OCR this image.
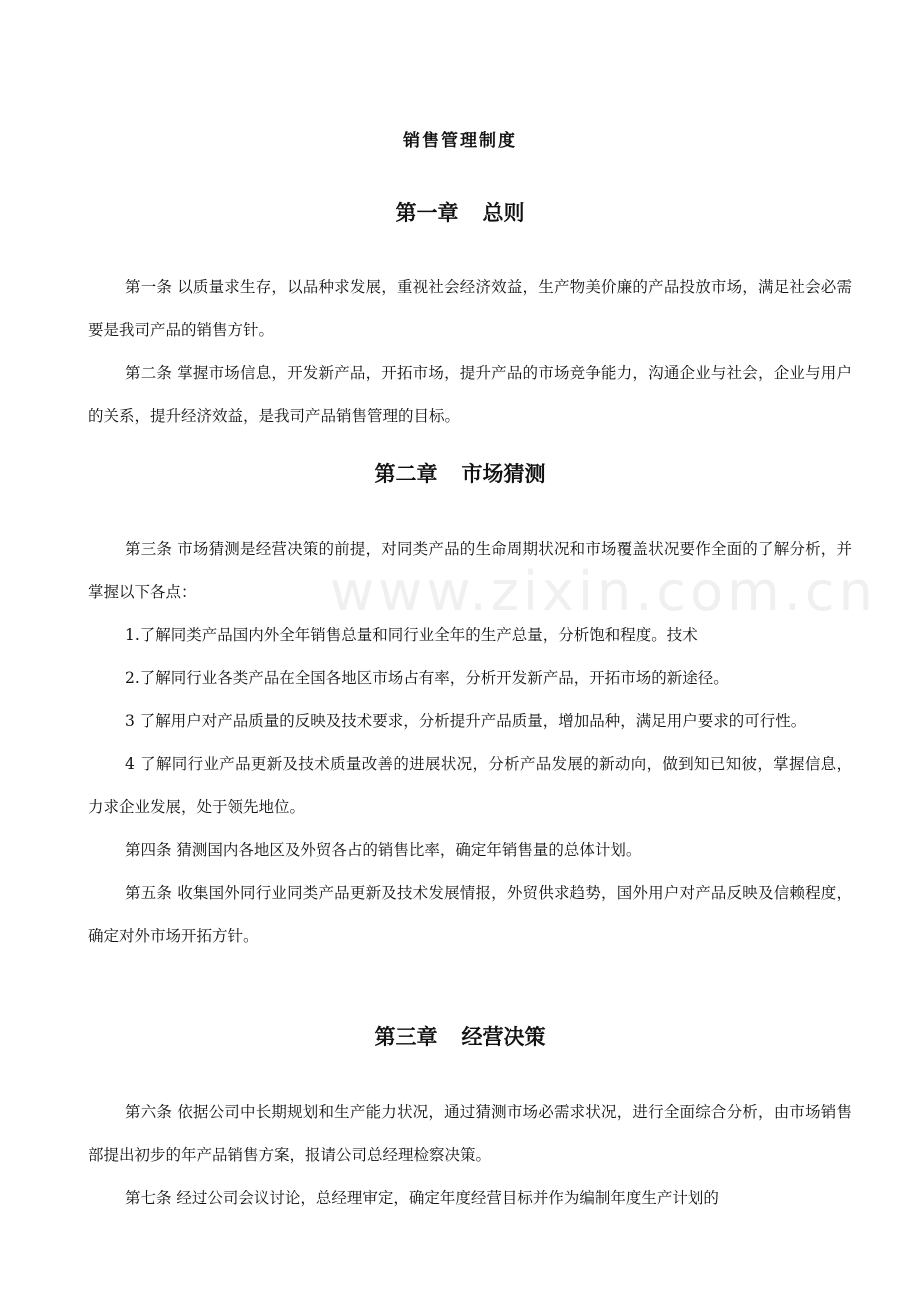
销售管理制度
第一章 总则

第一条 以质量求生存，以品种求发展，重视社会经济效益，生产物美价廉的产品投放市场，满足社会必需要是我司产品的销售方针。

第二条 掌握市场信息，开发新产品，开拓市场，提升产品的市场竞争能力，沟通企业与社会，企业与用户的关系，提升经济效益，是我司产品销售管理的目标。

第二章 市场猜测

第三条 市场猜测是经营决策的前提，对同类产品的生命周期状况和市场覆盖状况要作全面的了解分析，并掌握以下各点：

1.了解同类产品国内外全年销售总量和同行业全年的生产总量，分析饱和程度。技术

2.了解同行业各类产品在全国各地区市场占有率，分析开发新产品，开拓市场的新途径。

3 了解用户对产品质量的反映及技术要求，分析提升产品质量，增加品种，满足用户要求的可行性。

4 了解同行业产品更新及技术质量改善的进展状况，分析产品发展的新动向，做到知已知彼，掌握信息，力求企业发展，处于领先地位。

第四条 猜测国内各地区及外贸各占的销售比率，确定年销售量的总体计划。

第五条 收集国外同行业同类产品更新及技术发展情报，外贸供求趋势，国外用户对产品反映及信赖程度，确定对外市场开拓方针。

第三章 经营决策

第六条 依据公司中长期规划和生产能力状况，通过猜测市场必需求状况，进行全面综合分析，由市场销售部提出初步的年产品销售方案，报请公司总经理检察决策。

第七条 经过公司会议讨论，总经理审定，确定年度经营目标并作为编制年度生产计划的

www.zixin.com.cn
